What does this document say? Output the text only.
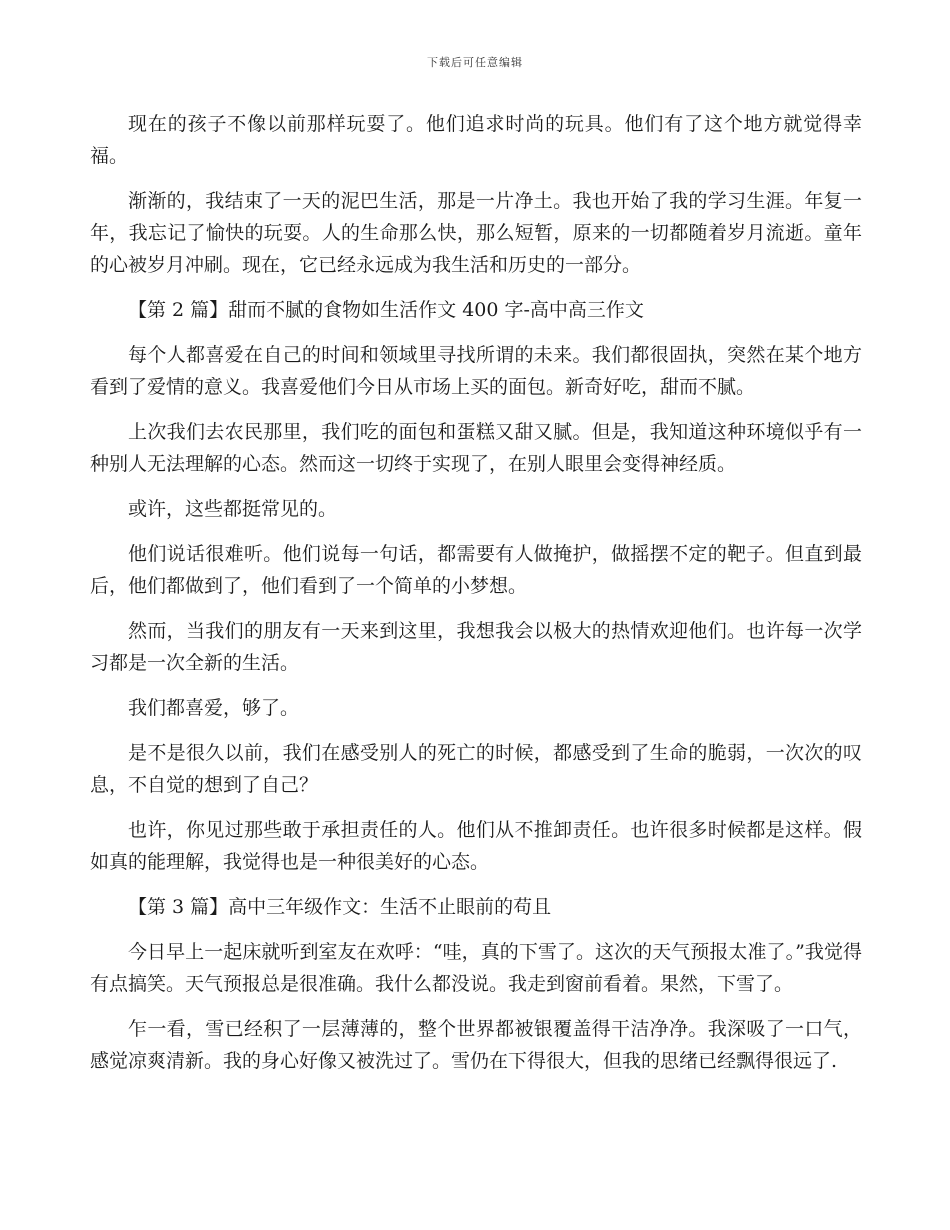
下载后可任意编辑

现在的孩子不像以前那样玩耍了。他们追求时尚的玩具。他们有了这个地方就觉得幸福。

渐渐的，我结束了一天的泥巴生活，那是一片净土。我也开始了我的学习生涯。年复一年，我忘记了愉快的玩耍。人的生命那么快，那么短暂，原来的一切都随着岁月流逝。童年的心被岁月冲刷。现在，它已经永远成为我生活和历史的一部分。

【第 2 篇】甜而不腻的食物如生活作文 400 字-高中高三作文

每个人都喜爱在自己的时间和领域里寻找所谓的未来。我们都很固执，突然在某个地方看到了爱情的意义。我喜爱他们今日从市场上买的面包。新奇好吃，甜而不腻。

上次我们去农民那里，我们吃的面包和蛋糕又甜又腻。但是，我知道这种环境似乎有一种别人无法理解的心态。然而这一切终于实现了，在别人眼里会变得神经质。

或许，这些都挺常见的。

他们说话很难听。他们说每一句话，都需要有人做掩护，做摇摆不定的靶子。但直到最后，他们都做到了，他们看到了一个简单的小梦想。

然而，当我们的朋友有一天来到这里，我想我会以极大的热情欢迎他们。也许每一次学习都是一次全新的生活。

我们都喜爱，够了。

是不是很久以前，我们在感受别人的死亡的时候，都感受到了生命的脆弱，一次次的叹息，不自觉的想到了自己？

也许，你见过那些敢于承担责任的人。他们从不推卸责任。也许很多时候都是这样。假如真的能理解，我觉得也是一种很美好的心态。

【第 3 篇】高中三年级作文：生活不止眼前的苟且

今日早上一起床就听到室友在欢呼：“哇，真的下雪了。这次的天气预报太准了。”我觉得有点搞笑。天气预报总是很准确。我什么都没说。我走到窗前看着。果然，下雪了。

乍一看，雪已经积了一层薄薄的，整个世界都被银覆盖得干洁净净。我深吸了一口气，感觉凉爽清新。我的身心好像又被洗过了。雪仍在下得很大，但我的思绪已经飘得很远了.
